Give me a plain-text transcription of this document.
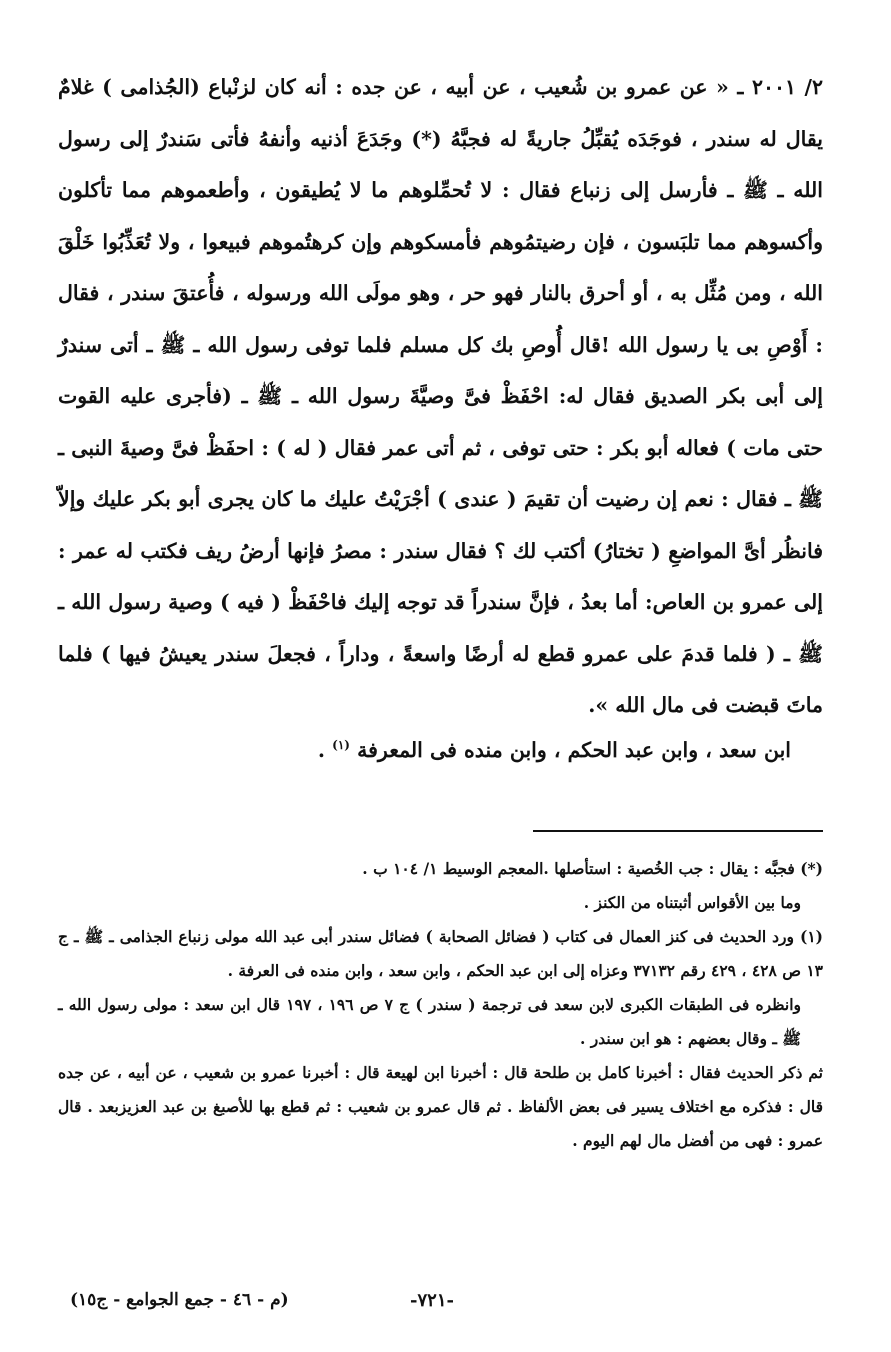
٢/ ٢٠٠١ ـ « عن عمرو بن شُعيب ، عن أبيه ، عن جده : أنه كان لزنْباع (الجُذامى ) غلامٌ يقال له سندر ، فوجَدَه يُقبِّلُ جاريةً له فجبَّهُ (*) وجَدَعَ أذنيه وأنفهُ فأتى سَندرٌ إلى رسول الله ـ ﷺ ـ فأرسل إلى زنباع فقال : لا تُحمِّلوهم ما لا يُطيقون ، وأطعموهم مما تأكلون وأكسوهم مما تلبَسون ، فإن رضيتمُوهم فأمسكوهم وإن كرهتُموهم فبيعوا ، ولا تُعَذِّبُوا خَلْقَ الله ، ومن مُثِّل به ، أو أحرق بالنار فهو حر ، وهو مولَى الله ورسوله ، فأُعتقَ سندر ، فقال : أَوْصِ بى يا رسول الله !قال أُوصِ بك كل مسلم فلما توفى رسول الله ـ ﷺ ـ أتى سندرٌ إلى أبى بكر الصديق فقال له: احْفَظْ فىَّ وصيَّةَ رسول الله ـ ﷺ ـ (فأجرى عليه القوت حتى مات ) فعاله أبو بكر : حتى توفى ، ثم أتى عمر فقال ( له ) : احفَظْ فىَّ وصيةَ النبى ـ ﷺ ـ فقال : نعم إن رضيت أن تقيمَ ( عندى ) أجْرَيْتُ عليك ما كان يجرى أبو بكر عليك وإلاّ فانظُر أىَّ المواضعِ ( تختارُ) أكتب لك ؟ فقال سندر : مصرُ فإنها أرضُ ريف فكتب له عمر : إلى عمرو بن العاص: أما بعدُ ، فإنَّ سندراً قد توجه إليك فاحْفَظْ ( فيه ) وصية رسول الله ـ ﷺ ـ ( فلما قدمَ على عمرو قطع له أرضًا واسعةً ، وداراً ، فجعلَ سندر يعيشُ فيها ) فلما ماتَ قبضت فى مال الله ».

ابن سعد ، وابن عبد الحكم ، وابن منده فى المعرفة $^{(١)}$ .

(*) فجبَّه : يقال : جب الخُصية : استأصلها .المعجم الوسيط ١/ ١٠٤ ب .

وما بين الأقواس أثبتناه من الكنز .

(١) ورد الحديث فى كنز العمال فى كتاب ( فضائل الصحابة ) فضائل سندر أبى عبد الله مولى زنباع الجذامى ـ ﷺ ـ ج ١٣ ص ٤٢٨ ، ٤٢٩ رقم ٣٧١٣٢ وعزاه إلى ابن عبد الحكم ، وابن سعد ، وابن منده فى العرفة .

وانظره فى الطبقات الكبرى لابن سعد فى ترجمة ( سندر ) ج ٧ ص ١٩٦ ، ١٩٧ قال ابن سعد : مولى رسول الله ـ ﷺ ـ وقال بعضهم : هو ابن سندر .

ثم ذكر الحديث فقال : أخبرنا كامل بن طلحة قال : أخبرنا ابن لهيعة قال : أخبرنا عمرو بن شعيب ، عن أبيه ، عن جده قال : فذكره مع اختلاف يسير فى بعض الألفاظ . ثم قال عمرو بن شعيب : ثم قطع بها للأصبغ بن عبد العزيزبعد . قال عمرو : فهى من أفضل مال لهم اليوم .

-٧٢١-
(م - ٤٦ - جمع الجوامع - ج١٥)
